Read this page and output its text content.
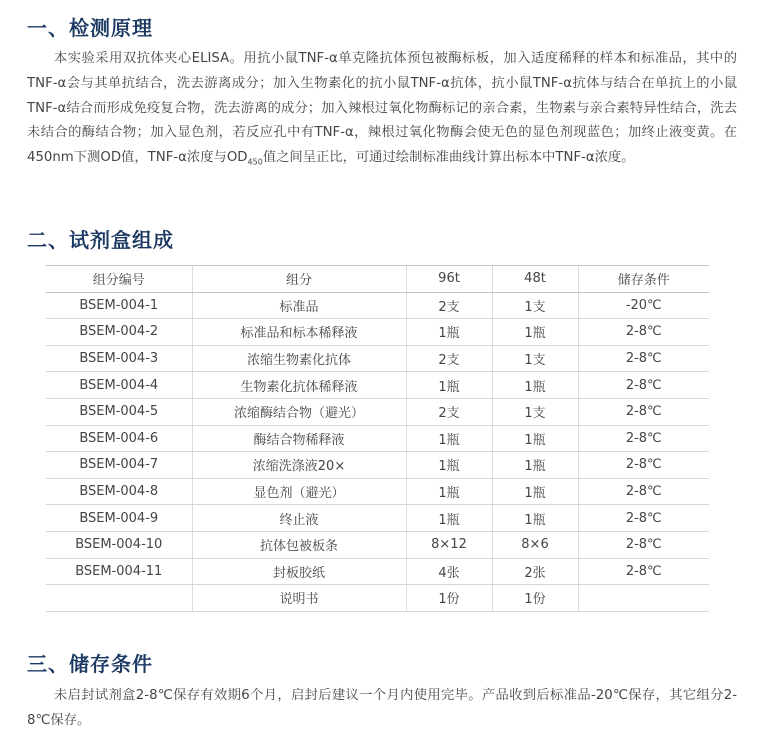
一、检测原理

本实验采用双抗体夹心ELISA。用抗小鼠TNF-α单克隆抗体预包被酶标板，加入适度稀释的样本和标准品，其中的TNF-α会与其单抗结合，洗去游离成分；加入生物素化的抗小鼠TNF-α抗体，抗小鼠TNF-α抗体与结合在单抗上的小鼠TNF-α结合而形成免疫复合物，洗去游离的成分；加入辣根过氧化物酶标记的亲合素，生物素与亲合素特异性结合，洗去未结合的酶结合物；加入显色剂，若反应孔中有TNF-α，辣根过氧化物酶会使无色的显色剂现蓝色；加终止液变黄。在450nm下测OD值，TNF-α浓度与$OD_{450}$值之间呈正比，可通过绘制标准曲线计算出标本中TNF-α浓度。

二、试剂盒组成
组分编号	组分	96t	48t	储存条件
BSEM-004-1	标准品	2支	1支	-20℃
BSEM-004-2	标准品和标本稀释液	1瓶	1瓶	2-8℃
BSEM-004-3	浓缩生物素化抗体	2支	1支	2-8℃
BSEM-004-4	生物素化抗体稀释液	1瓶	1瓶	2-8℃
BSEM-004-5	浓缩酶结合物（避光）	2支	1支	2-8℃
BSEM-004-6	酶结合物稀释液	1瓶	1瓶	2-8℃
BSEM-004-7	浓缩洗涤液20×	1瓶	1瓶	2-8℃
BSEM-004-8	显色剂（避光）	1瓶	1瓶	2-8℃
BSEM-004-9	终止液	1瓶	1瓶	2-8℃
BSEM-004-10	抗体包被板条	8×12	8×6	2-8℃
BSEM-004-11	封板胶纸	4张	2张	2-8℃
	说明书	1份	1份	
三、储存条件

未启封试剂盒2-8℃保存有效期6个月，启封后建议一个月内使用完毕。产品收到后标准品-20℃保存，其它组分2-8℃保存。
